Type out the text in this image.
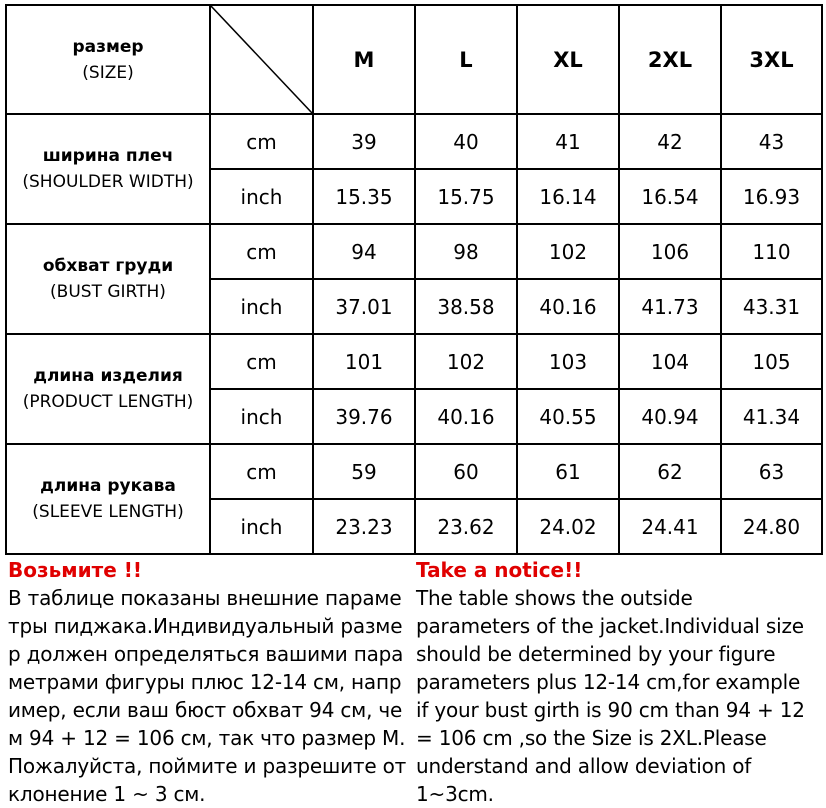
размер
(SIZE)		M	L	XL	2XL	3XL

ширина плеч
(SHOULDER WIDTH)	cm	39	40	41	42	43
	inch	15.35	15.75	16.14	16.54	16.93

обхват груди
(BUST GIRTH)	cm	94	98	102	106	110
	inch	37.01	38.58	40.16	41.73	43.31

длина изделия
(PRODUCT LENGTH)	cm	101	102	103	104	105
	inch	39.76	40.16	40.55	40.94	41.34

длина рукава
(SLEEVE LENGTH)	cm	59	60	61	62	63
	inch	23.23	23.62	24.02	24.41	24.80

Возьмите !!

В таблице показаны внешние параме
тры пиджака.Индивидуальный разме
р должен определяться вашими пара
метрами фигуры плюс 12-14 см, напр
имер, если ваш бюст обхват 94 см, че
м 94 + 12 = 106 см, так что размер M.
Пожалуйста, поймите и разрешите от
клонение 1 ~ 3 см.

Take a notice!!

The table shows the outside
parameters of the jacket.Individual size
should be determined by your figure
parameters plus 12-14 cm,for example
if your bust girth is 90 cm than 94 + 12
= 106 cm ,so the Size is 2XL.Please
understand and allow deviation of
1~3cm.
